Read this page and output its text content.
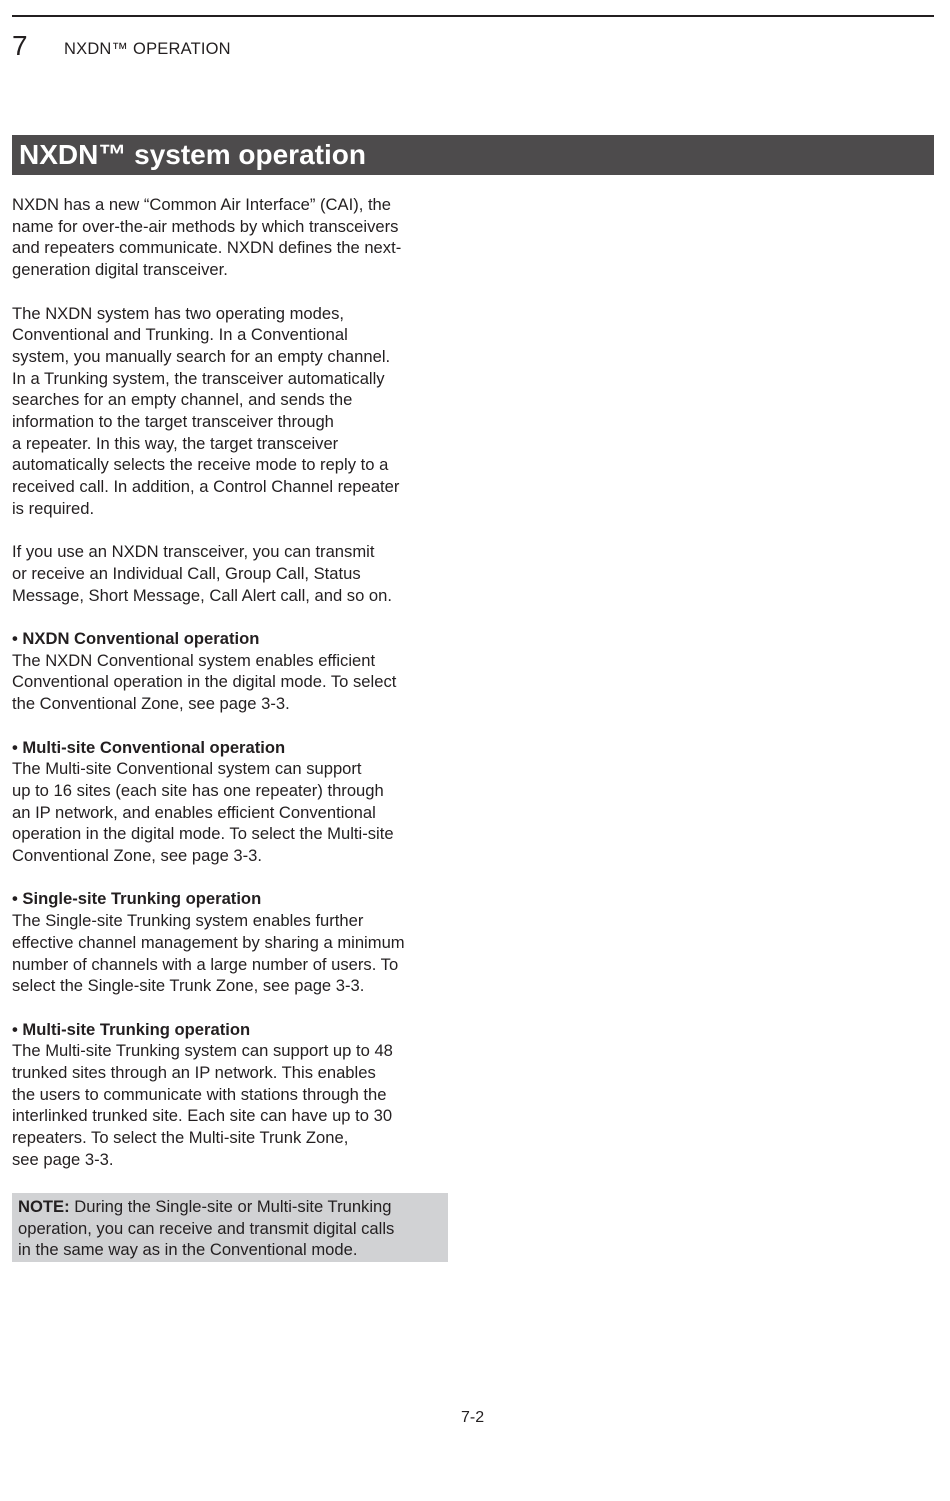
7 NXDN™ OPERATION
NXDN™ system operation

NXDN has a new “Common Air Interface” (CAI), the
name for over-the-air methods by which transceivers
and repeaters communicate. NXDN defines the next-
generation digital transceiver.

The NXDN system has two operating modes,
Conventional and Trunking. In a Conventional
system, you manually search for an empty channel.
In a Trunking system, the transceiver automatically
searches for an empty channel, and sends the
information to the target transceiver through
a repeater. In this way, the target transceiver
automatically selects the receive mode to reply to a
received call. In addition, a Control Channel repeater
is required.

If you use an NXDN transceiver, you can transmit
or receive an Individual Call, Group Call, Status
Message, Short Message, Call Alert call, and so on.

• NXDN Conventional operation
The NXDN Conventional system enables efficient
Conventional operation in the digital mode. To select
the Conventional Zone, see page 3-3.

• Multi-site Conventional operation
The Multi-site Conventional system can support
up to 16 sites (each site has one repeater) through
an IP network, and enables efficient Conventional
operation in the digital mode. To select the Multi-site
Conventional Zone, see page 3-3.

• Single-site Trunking operation
The Single-site Trunking system enables further
effective channel management by sharing a minimum
number of channels with a large number of users. To
select the Single-site Trunk Zone, see page 3-3.

• Multi-site Trunking operation
The Multi-site Trunking system can support up to 48
trunked sites through an IP network. This enables
the users to communicate with stations through the
interlinked trunked site. Each site can have up to 30
repeaters. To select the Multi-site Trunk Zone,
see page 3-3.

NOTE: During the Single-site or Multi-site Trunking
operation, you can receive and transmit digital calls
in the same way as in the Conventional mode.
7-2
